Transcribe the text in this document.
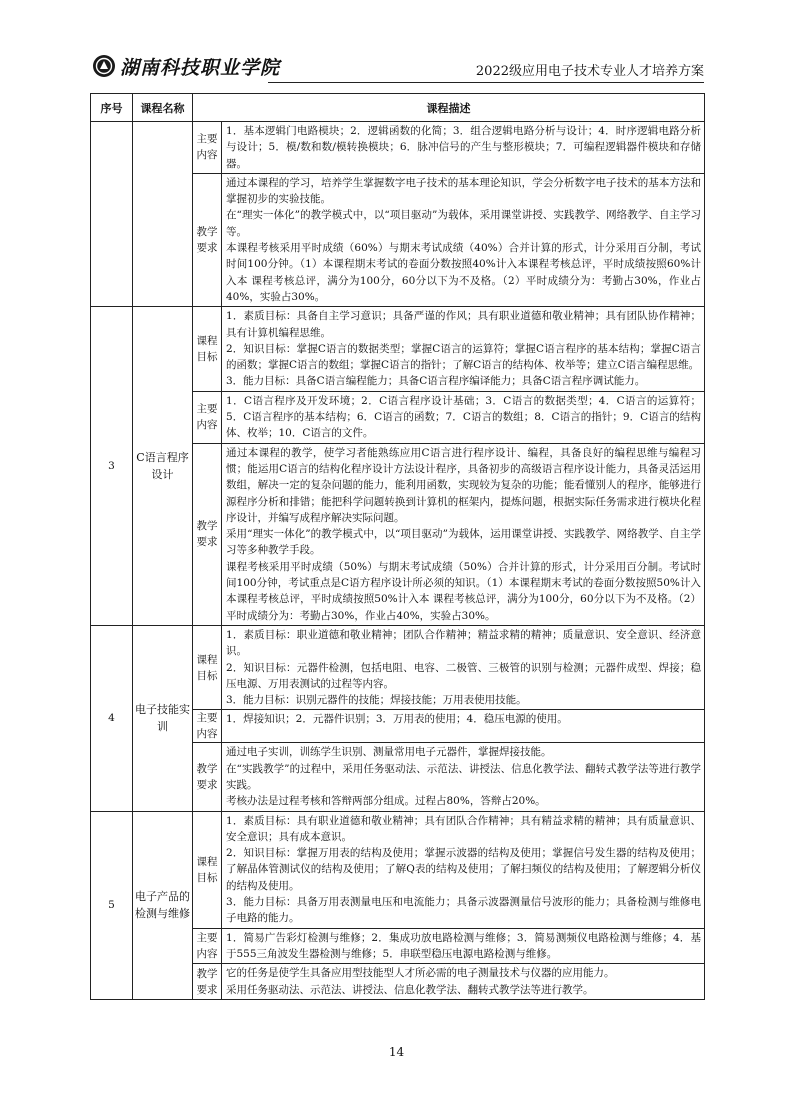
湖南科技职业学院	2022级应用电子技术专业人才培养方案
序号	课程名称	课程描述	
		主要内容	1．基本逻辑门电路模块；2．逻辑函数的化简；3．组合逻辑电路分析与设计；4．时序逻辑电路分析与设计；5．模/数和数/模转换模块；6．脉冲信号的产生与整形模块；7．可编程逻辑器件模块和存储器。

		教学要求	通过本课程的学习，培养学生掌握数字电子技术的基本理论知识，学会分析数字电子技术的基本方法和掌握初步的实验技能。

在“理实一体化”的教学模式中，以“项目驱动”为载体，采用课堂讲授、实践教学、网络教学、自主学习等。

本课程考核采用平时成绩（60%）与期末考试成绩（40%）合并计算的形式，计分采用百分制，考试时间100分钟。（1）本课程期末考试的卷面分数按照40%计入本课程考核总评，平时成绩按照60%计入本 课程考核总评，满分为100分，60分以下为不及格。（2）平时成绩分为：考勤占30%，作业占40%，实验占30%。

3	C语言程序设计	课程目标	1．素质目标：具备自主学习意识；具备严谨的作风；具有职业道德和敬业精神；具有团队协作精神；具有计算机编程思维。

2．知识目标：掌握C语言的数据类型；掌握C语言的运算符；掌握C语言程序的基本结构；掌握C语言的函数；掌握C语言的数组；掌握C语言的指针；了解C语言的结构体、枚举等；建立C语言编程思维。

3．能力目标：具备C语言编程能力；具备C语言程序编译能力；具备C语言程序调试能力。

		主要内容	1．C语言程序及开发环境；2．C语言程序设计基础；3．C语言的数据类型；4．C语言的运算符；5．C语言程序的基本结构；6．C语言的函数；7．C语言的数组；8．C语言的指针；9．C语言的结构体、枚举；10．C语言的文件。

		教学要求	通过本课程的教学，使学习者能熟练应用C语言进行程序设计、编程，具备良好的编程思维与编程习惯；能运用C语言的结构化程序设计方法设计程序，具备初步的高级语言程序设计能力，具备灵活运用数组，解决一定的复杂问题的能力，能利用函数，实现较为复杂的功能；能看懂别人的程序，能够进行源程序分析和排错；能把科学问题转换到计算机的框架内，提炼问题，根据实际任务需求进行模块化程序设计，并编写成程序解决实际问题。

采用“理实一体化”的教学模式中，以“项目驱动”为载体，运用课堂讲授、实践教学、网络教学、自主学习等多种教学手段。

课程考核采用平时成绩（50%）与期末考试成绩（50%）合并计算的形式，计分采用百分制。考试时间100分钟，考试重点是C语方程序设计所必须的知识。（1）本课程期末考试的卷面分数按照50%计入本课程考核总评，平时成绩按照50%计入本 课程考核总评，满分为100分，60分以下为不及格。（2）平时成绩分为：考勤占30%，作业占40%，实验占30%。

4	电子技能实训	课程目标	1．素质目标：职业道德和敬业精神；团队合作精神；精益求精的精神；质量意识、安全意识、经济意识。

2．知识目标：元器件检测，包括电阻、电容、二极管、三极管的识别与检测；元器件成型、焊接；稳压电源、万用表测试的过程等内容。

3．能力目标：识别元器件的技能；焊接技能；万用表使用技能。

		主要内容	1．焊接知识；2．元器件识别；3．万用表的使用；4．稳压电源的使用。

		教学要求	通过电子实训，训练学生识别、测量常用电子元器件，掌握焊接技能。

在“实践教学”的过程中，采用任务驱动法、示范法、讲授法、信息化教学法、翻转式教学法等进行教学实践。

考核办法是过程考核和答辩两部分组成。过程占80%，答辩占20%。

5	电子产品的检测与维修	课程目标	1．素质目标：具有职业道德和敬业精神；具有团队合作精神；具有精益求精的精神；具有质量意识、安全意识；具有成本意识。

2．知识目标：掌握万用表的结构及使用；掌握示波器的结构及使用；掌握信号发生器的结构及使用；了解晶体管测试仪的结构及使用；了解Q表的结构及使用；了解扫频仪的结构及使用；了解逻辑分析仪的结构及使用。

3．能力目标：具备万用表测量电压和电流能力；具备示波器测量信号波形的能力；具备检测与维修电子电路的能力。

		主要内容	1．简易广告彩灯检测与维修；2．集成功放电路检测与维修；3．简易测频仪电路检测与维修；4．基于555三角波发生器检测与维修；5．串联型稳压电源电路检测与维修。

		教学要求	它的任务是使学生具备应用型技能型人才所必需的电子测量技术与仪器的应用能力。

采用任务驱动法、示范法、讲授法、信息化教学法、翻转式教学法等进行教学。

14
